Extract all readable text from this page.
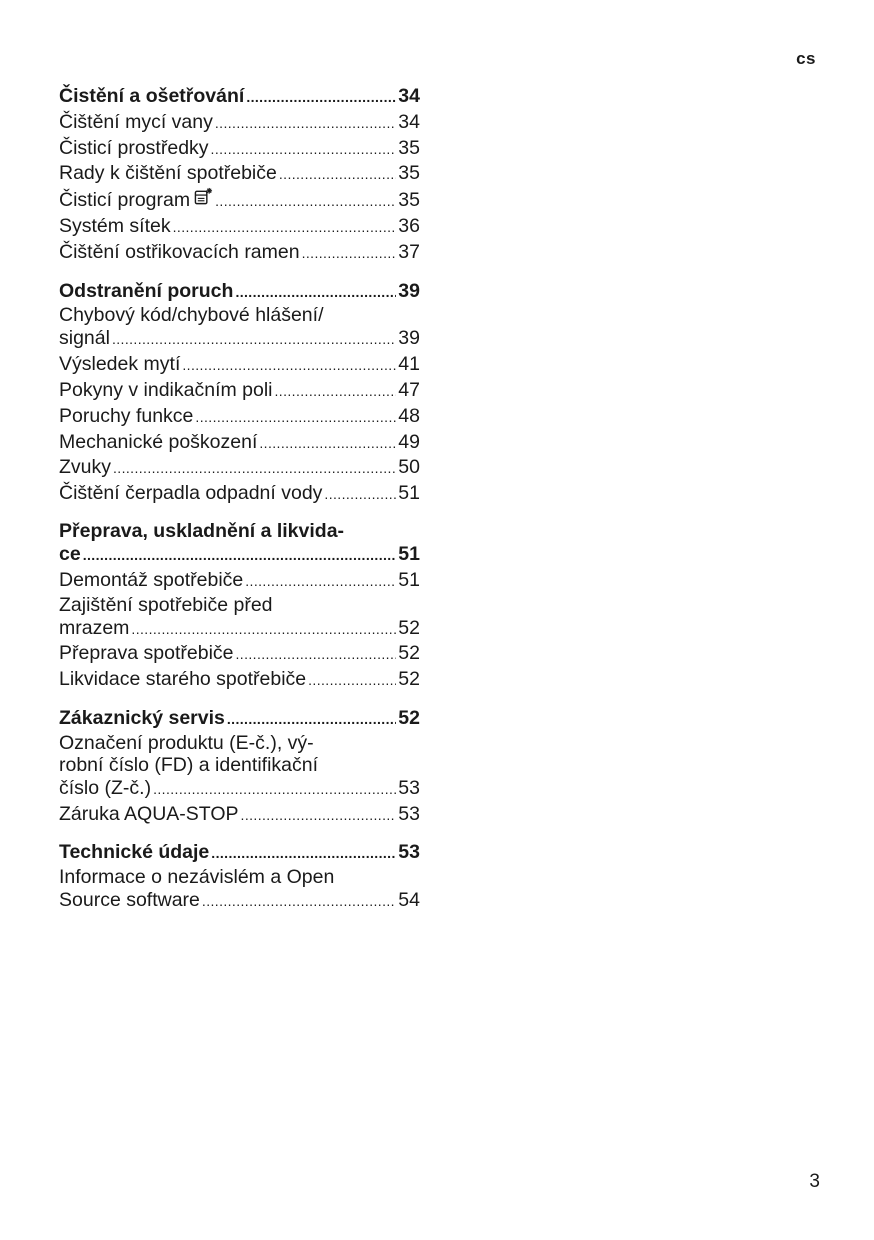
cs
Čistění a ošetřování .....	34
Čištění mycí vany .....	34
Čisticí prostředky .....	35
Rady k čištění spotřebiče .....	35
Čisticí program .....	35
Systém sítek .....	36
Čištění ostřikovacích ramen .....	37
Odstranění poruch .....	39
Chybový kód/chybové hlášení/
signál .....	39
Výsledek mytí .....	41
Pokyny v indikačním poli .....	47
Poruchy funkce .....	48
Mechanické poškození .....	49
Zvuky .....	50
Čištění čerpadla odpadní vody .....	51
Přeprava, uskladnění a likvida-
ce .....	51
Demontáž spotřebiče .....	51
Zajištění spotřebiče před
mrazem .....	52
Přeprava spotřebiče .....	52
Likvidace starého spotřebiče .....	52
Zákaznický servis .....	52
Označení produktu (E-č.), vý-
robní číslo (FD) a identifikační
číslo (Z-č.) .....	53
Záruka AQUA-STOP .....	53
Technické údaje .....	53
Informace o nezávislém a Open
Source software .....	54
3
